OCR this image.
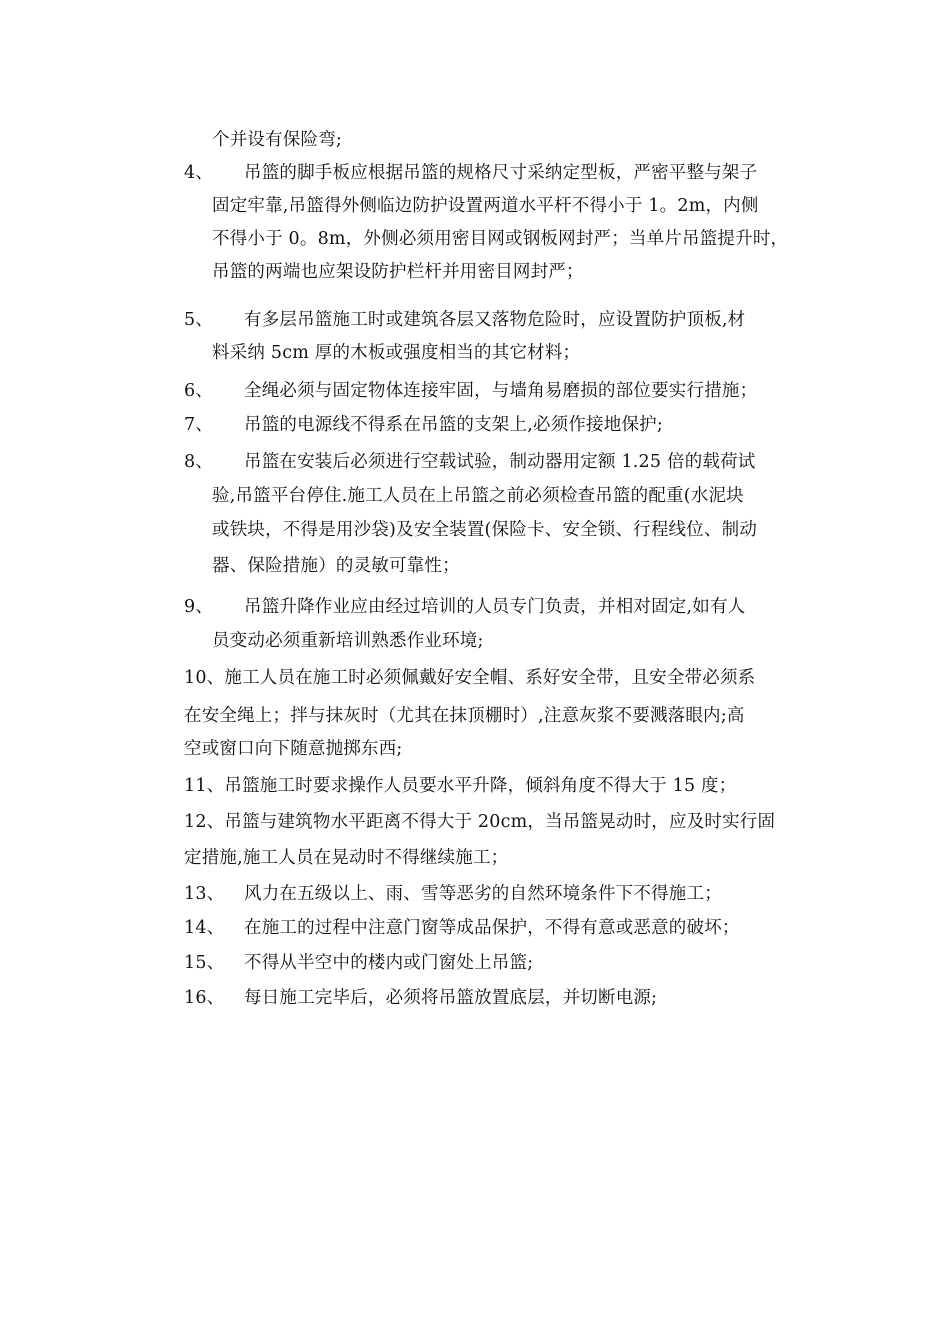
个并设有保险弯;
4、 吊篮的脚手板应根据吊篮的规格尺寸采纳定型板，严密平整与架子
固定牢靠,吊篮得外侧临边防护设置两道水平杆不得小于 1。2m，内侧
不得小于 0。8m，外侧必须用密目网或钢板网封严；当单片吊篮提升时，
吊篮的两端也应架设防护栏杆并用密目网封严；
5、 有多层吊篮施工时或建筑各层又落物危险时，应设置防护顶板,材
料采纳 5cm 厚的木板或强度相当的其它材料；
6、 全绳必须与固定物体连接牢固，与墙角易磨损的部位要实行措施；
7、 吊篮的电源线不得系在吊篮的支架上,必须作接地保护;
8、 吊篮在安装后必须进行空载试验，制动器用定额 1.25 倍的载荷试
验,吊篮平台停住.施工人员在上吊篮之前必须检查吊篮的配重(水泥块
或铁块，不得是用沙袋)及安全装置(保险卡、安全锁、行程线位、制动
器、保险措施）的灵敏可靠性；
9、 吊篮升降作业应由经过培训的人员专门负责，并相对固定,如有人
员变动必须重新培训熟悉作业环境;
10、施工人员在施工时必须佩戴好安全帽、系好安全带，且安全带必须系
在安全绳上；拌与抹灰时（尤其在抹顶棚时）,注意灰浆不要溅落眼内;高
空或窗口向下随意抛掷东西;
11、吊篮施工时要求操作人员要水平升降，倾斜角度不得大于 15 度；
12、吊篮与建筑物水平距离不得大于 20cm，当吊篮晃动时，应及时实行固
定措施,施工人员在晃动时不得继续施工；
13、 风力在五级以上、雨、雪等恶劣的自然环境条件下不得施工；
14、 在施工的过程中注意门窗等成品保护，不得有意或恶意的破坏；
15、 不得从半空中的楼内或门窗处上吊篮;
16、 每日施工完毕后，必须将吊篮放置底层，并切断电源;
